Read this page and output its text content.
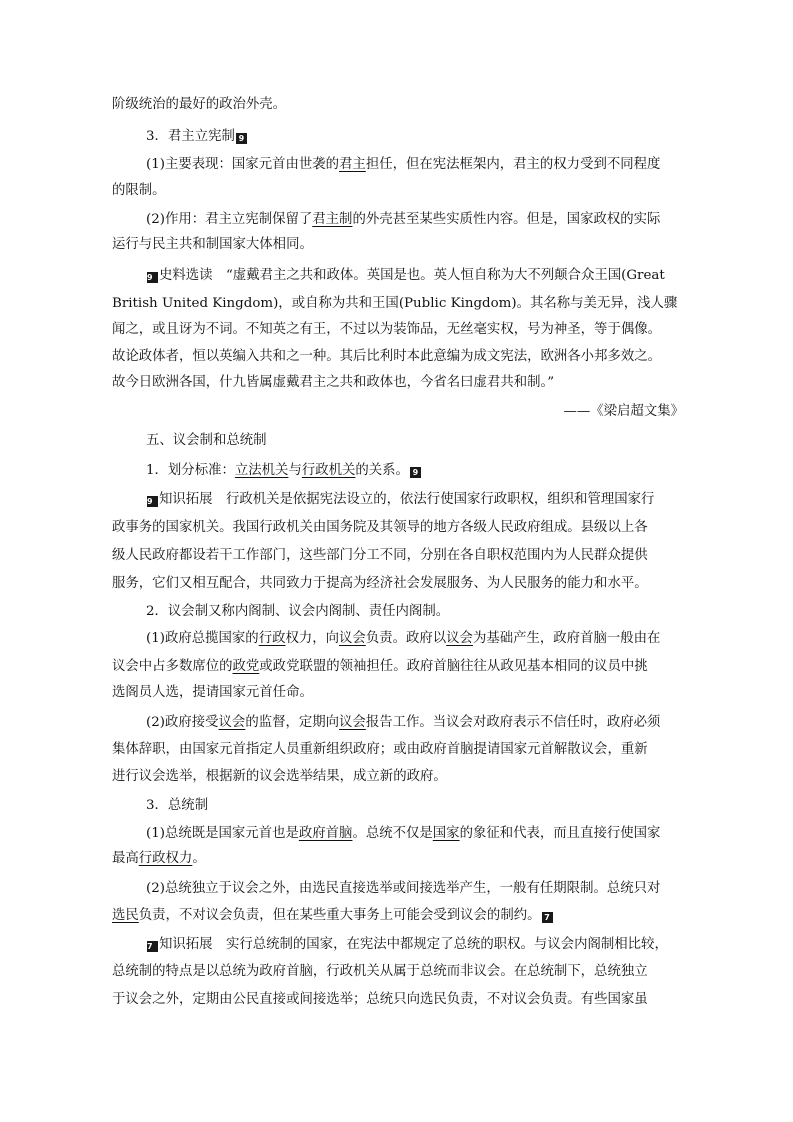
阶级统治的最好的政治外壳。
3．君主立宪制 9
(1)主要表现：国家元首由世袭的君主担任，但在宪法框架内，君主的权力受到不同程度
的限制。
(2)作用：君主立宪制保留了君主制的外壳甚至某些实质性内容。但是，国家政权的实际
运行与民主共和制国家大体相同。
9 史料选读　“虚戴君主之共和政体。英国是也。英人恒自称为大不列颠合众王国(Great
British United Kingdom)，或自称为共和王国(Public Kingdom)。其名称与美无异，浅人骤
闻之，或且讶为不词。不知英之有王，不过以为装饰品，无丝毫实权，号为神圣，等于偶像。
故论政体者，恒以英编入共和之一种。其后比利时本此意编为成文宪法，欧洲各小邦多效之。
故今日欧洲各国，什九皆属虚戴君主之共和政体也，今省名曰虚君共和制。”
——《梁启超文集》
五、议会制和总统制
1．划分标准：立法机关与行政机关的关系。 9
9 知识拓展　行政机关是依据宪法设立的，依法行使国家行政职权，组织和管理国家行
政事务的国家机关。我国行政机关由国务院及其领导的地方各级人民政府组成。县级以上各
级人民政府都设若干工作部门，这些部门分工不同，分别在各自职权范围内为人民群众提供
服务，它们又相互配合，共同致力于提高为经济社会发展服务、为人民服务的能力和水平。
2．议会制又称内阁制、议会内阁制、责任内阁制。
(1)政府总揽国家的行政权力，向议会负责。政府以议会为基础产生，政府首脑一般由在
议会中占多数席位的政党或政党联盟的领袖担任。政府首脑往往从政见基本相同的议员中挑
选阁员人选，提请国家元首任命。
(2)政府接受议会的监督，定期向议会报告工作。当议会对政府表示不信任时，政府必须
集体辞职，由国家元首指定人员重新组织政府；或由政府首脑提请国家元首解散议会，重新
进行议会选举，根据新的议会选举结果，成立新的政府。
3．总统制
(1)总统既是国家元首也是政府首脑。总统不仅是国家的象征和代表，而且直接行使国家
最高行政权力。
(2)总统独立于议会之外，由选民直接选举或间接选举产生，一般有任期限制。总统只对
选民负责，不对议会负责，但在某些重大事务上可能会受到议会的制约。 7
7 知识拓展　实行总统制的国家，在宪法中都规定了总统的职权。与议会内阁制相比较，
总统制的特点是以总统为政府首脑，行政机关从属于总统而非议会。在总统制下，总统独立
于议会之外，定期由公民直接或间接选举；总统只向选民负责，不对议会负责。有些国家虽
